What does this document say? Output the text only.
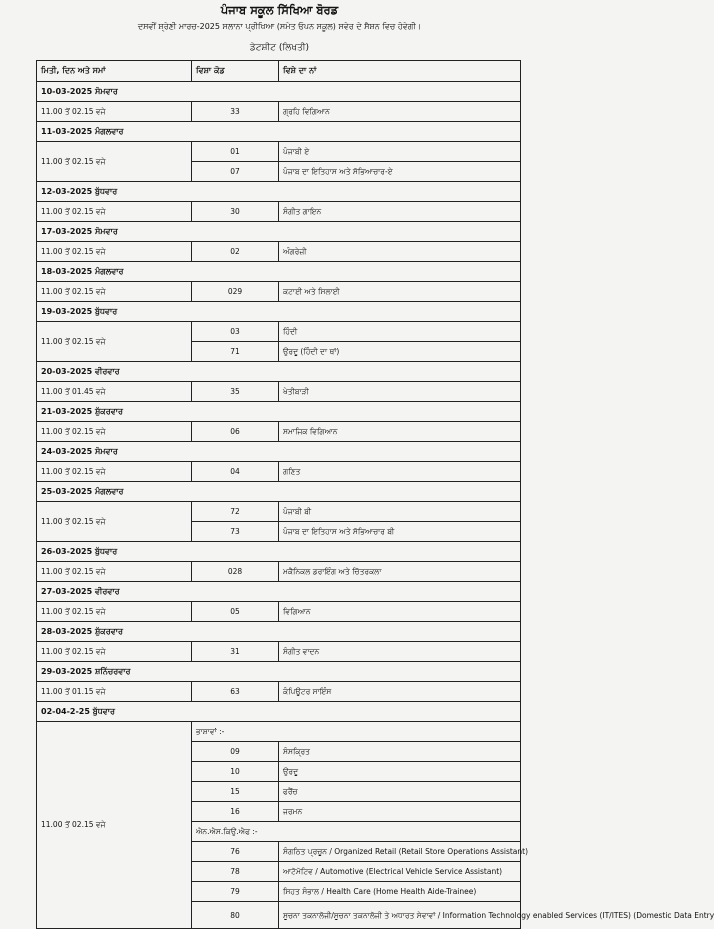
ਪੰਜਾਬ ਸਕੂਲ ਸਿੱਖਿਆ ਬੋਰਡ
ਦਸਵੀਂ ਸ਼੍ਰੇਣੀ ਮਾਰਚ-2025 ਸਲਾਨਾ ਪ੍ਰੀਖਿਆ (ਸਮੇਤ ਓਪਨ ਸਕੂਲ) ਸਵੇਰ ਦੇ ਸੈਸ਼ਨ ਵਿਚ ਹੋਵੇਗੀ।
ਡੇਟਸ਼ੀਟ (ਲਿਖਤੀ)
ਮਿਤੀ, ਦਿਨ ਅਤੇ ਸਮਾਂ	ਵਿਸ਼ਾ ਕੋਡ	ਵਿਸ਼ੇ ਦਾ ਨਾਂ
10-03-2025 ਸੋਮਵਾਰ		
11.00 ਤੋਂ 02.15 ਵਜੇ	33	ਗ੍ਰਹਿ ਵਿਗਿਆਨ
11-03-2025 ਮੰਗਲਵਾਰ		
11.00 ਤੋਂ 02.15 ਵਜੇ	01	ਪੰਜਾਬੀ ਏ
	07	ਪੰਜਾਬ ਦਾ ਇਤਿਹਾਸ ਅਤੇ ਸੱਭਿਆਚਾਰ-ਏ
12-03-2025 ਬੁੱਧਵਾਰ		
11.00 ਤੋਂ 02.15 ਵਜੇ	30	ਸੰਗੀਤ ਗਾਇਨ
17-03-2025 ਸੋਮਵਾਰ		
11.00 ਤੋਂ 02.15 ਵਜੇ	02	ਅੰਗਰੇਜ਼ੀ
18-03-2025 ਮੰਗਲਵਾਰ		
11.00 ਤੋਂ 02.15 ਵਜੇ	029	ਕਟਾਈ ਅਤੇ ਸਿਲਾਈ
19-03-2025 ਬੁੱਧਵਾਰ		
11.00 ਤੋਂ 02.15 ਵਜੇ	03	ਹਿੰਦੀ
	71	ਉਰਦੂ (ਹਿੰਦੀ ਦਾ ਥਾਂ)
20-03-2025 ਵੀਰਵਾਰ		
11.00 ਤੋਂ 01.45 ਵਜੇ	35	ਖੇਤੀਬਾੜੀ
21-03-2025 ਸ਼ੁੱਕਰਵਾਰ		
11.00 ਤੋਂ 02.15 ਵਜੇ	06	ਸਮਾਜਿਕ ਵਿਗਿਆਨ
24-03-2025 ਸੋਮਵਾਰ		
11.00 ਤੋਂ 02.15 ਵਜੇ	04	ਗਣਿਤ
25-03-2025 ਮੰਗਲਵਾਰ		
11.00 ਤੋਂ 02.15 ਵਜੇ	72	ਪੰਜਾਬੀ ਬੀ
	73	ਪੰਜਾਬ ਦਾ ਇਤਿਹਾਸ ਅਤੇ ਸੱਭਿਆਚਾਰ ਬੀ
26-03-2025 ਬੁੱਧਵਾਰ		
11.00 ਤੋਂ 02.15 ਵਜੇ	028	ਮਕੈਨਿਕਲ ਡਰਾਇੰਗ ਅਤੇ ਚਿੱਤਰਕਲਾ
27-03-2025 ਵੀਰਵਾਰ		
11.00 ਤੋਂ 02.15 ਵਜੇ	05	ਵਿਗਿਆਨ
28-03-2025 ਸ਼ੁੱਕਰਵਾਰ		
11.00 ਤੋਂ 02.15 ਵਜੇ	31	ਸੰਗੀਤ ਵਾਦਨ
29-03-2025 ਸ਼ਨਿੱਚਰਵਾਰ		
11.00 ਤੋਂ 01.15 ਵਜੇ	63	ਕੰਪਿਊਟਰ ਸਾਇੰਸ
02-04-2-25 ਬੁੱਧਵਾਰ		
11.00 ਤੋਂ 02.15 ਵਜੇ	ਭਾਸ਼ਾਵਾਂ :-	
	09	ਸੰਸਕ੍ਰਿਤ
	10	ਉਰਦੂ
	15	ਫਰੈਂਚ
	16	ਜਰਮਨ
	ਐਨ.ਐਸ.ਕਿਉ.ਐਫ :-	
	76	ਸੰਗਠਿਤ ਪ੍ਰਚੂਨ / Organized Retail (Retail Store Operations Assistant)
	78	ਆਟੋਮੋਟਿਵ / Automotive (Electrical Vehicle Service Assistant)
	79	ਸਿਹਤ ਸੰਭਾਲ / Health Care (Home Health Aide-Trainee)
	80	ਸੂਚਨਾ ਤਕਨਾਲੋਜੀ/ਸੂਚਨਾ ਤਕਨਾਲੋਜੀ ਤੇ ਅਧਾਰਤ ਸੇਵਾਵਾਂ / Information Technology enabled Services (IT/ITES) (Domestic Data Entry
